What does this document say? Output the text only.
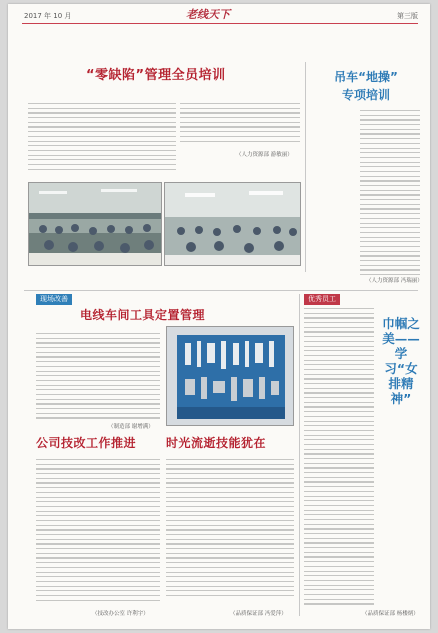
2017 年 10 月	老线天下	第三版
“零缺陷”管理全员培训
（人力资源部 游敏丽）
吊车“地操”
专项培训
（人力资源部 冯瑞丽）
现场改善
电线车间工具定置管理
（制造部 谢增满）
公司技改工作推进
（技改办公室 许利宇）
时光流逝技能犹在
（品质保证部 冯爱萍）
优秀员工
巾帼之美——学习“女排精神”
（品质保证部 杨楼炳）
